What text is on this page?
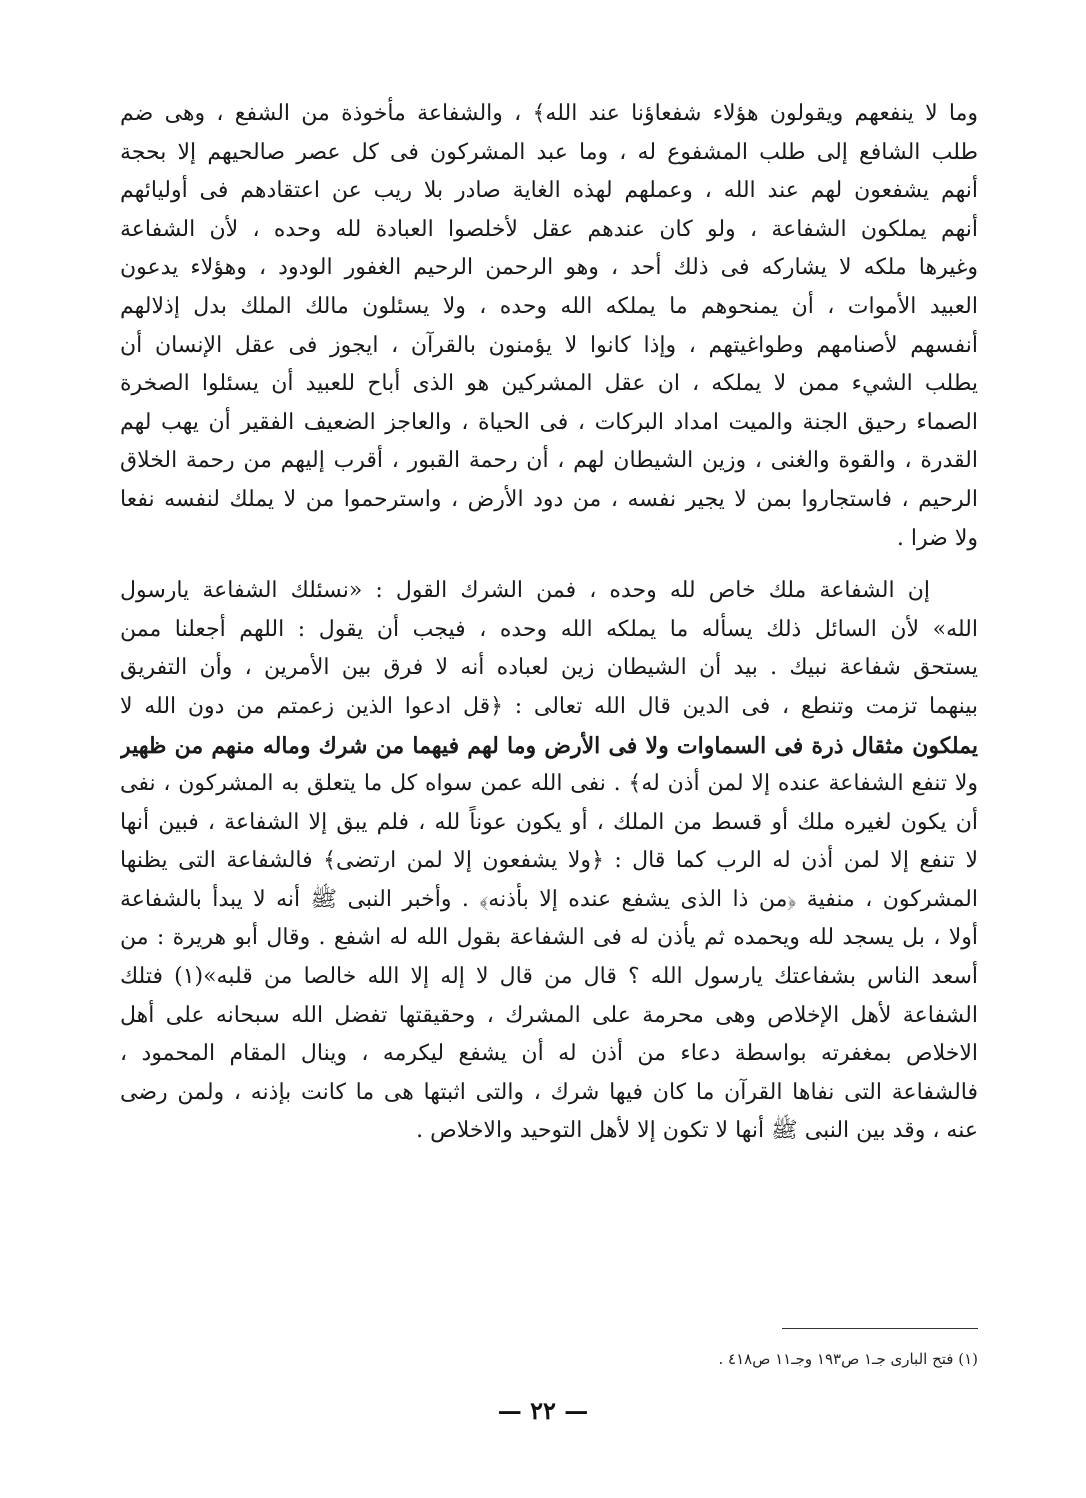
وما لا ينفعهم ويقولون هؤلاء شفعاؤنا عند الله﴾ ، والشفاعة مأخوذة من الشفع ، وهى ضم
طلب الشافع إلى طلب المشفوع له ، وما عبد المشركون فى كل عصر صالحيهم إلا بحجة
أنهم يشفعون لهم عند الله ، وعملهم لهذه الغاية صادر بلا ريب عن اعتقادهم فى أوليائهم
أنهم يملكون الشفاعة ، ولو كان عندهم عقل لأخلصوا العبادة لله وحده ، لأن الشفاعة
وغيرها ملكه لا يشاركه فى ذلك أحد ، وهو الرحمن الرحيم الغفور الودود ، وهؤلاء يدعون
العبيد الأموات ، أن يمنحوهم ما يملكه الله وحده ، ولا يسئلون مالك الملك بدل إذلالهم
أنفسهم لأصنامهم وطواغيتهم ، وإذا كانوا لا يؤمنون بالقرآن ، ايجوز فى عقل الإنسان أن
يطلب الشيء ممن لا يملكه ، ان عقل المشركين هو الذى أباح للعبيد أن يسئلوا الصخرة
الصماء رحيق الجنة والميت امداد البركات ، فى الحياة ، والعاجز الضعيف الفقير أن يهب لهم
القدرة ، والقوة والغنى ، وزين الشيطان لهم ، أن رحمة القبور ، أقرب إليهم من رحمة الخلاق
الرحيم ، فاستجاروا بمن لا يجير نفسه ، من دود الأرض ، واسترحموا من لا يملك لنفسه نفعا
ولا ضرا .

إن الشفاعة ملك خاص لله وحده ، فمن الشرك القول : «نسئلك الشفاعة يارسول
الله» لأن السائل ذلك يسأله ما يملكه الله وحده ، فيجب أن يقول : اللهم أجعلنا ممن
يستحق شفاعة نبيك . بيد أن الشيطان زين لعباده أنه لا فرق بين الأمرين ، وأن التفريق
بينهما تزمت وتنطع ، فى الدين قال الله تعالى : ﴿قل ادعوا الذين زعمتم من دون الله لا
يملكون مثقال ذرة فى السماوات ولا فى الأرض وما لهم فيهما من شرك وماله منهم من ظهير
ولا تنفع الشفاعة عنده إلا لمن أذن له﴾ . نفى الله عمن سواه كل ما يتعلق به المشركون ، نفى
أن يكون لغيره ملك أو قسط من الملك ، أو يكون عوناً لله ، فلم يبق إلا الشفاعة ، فبين أنها
لا تنفع إلا لمن أذن له الرب كما قال : ﴿ولا يشفعون إلا لمن ارتضى﴾ فالشفاعة التى يظنها
المشركون ، منفية ﴿من ذا الذى يشفع عنده إلا بأذنه﴾ . وأخبر النبى ﷺ أنه لا يبدأ بالشفاعة
أولا ، بل يسجد لله ويحمده ثم يأذن له فى الشفاعة بقول الله له اشفع . وقال أبو هريرة : من
أسعد الناس بشفاعتك يارسول الله ؟ قال من قال لا إله إلا الله خالصا من قلبه»(١) فتلك
الشفاعة لأهل الإخلاص وهى محرمة على المشرك ، وحقيقتها تفضل الله سبحانه على أهل
الاخلاص بمغفرته بواسطة دعاء من أذن له أن يشفع ليكرمه ، وينال المقام المحمود ،
فالشفاعة التى نفاها القرآن ما كان فيها شرك ، والتى اثبتها هى ما كانت بإذنه ، ولمن رضى
عنه ، وقد بين النبى ﷺ أنها لا تكون إلا لأهل التوحيد والاخلاص .

(١) فتح البارى جـ١ ص١٩٣ وجـ١١ ص٤١٨ .
— ٢٢ —
